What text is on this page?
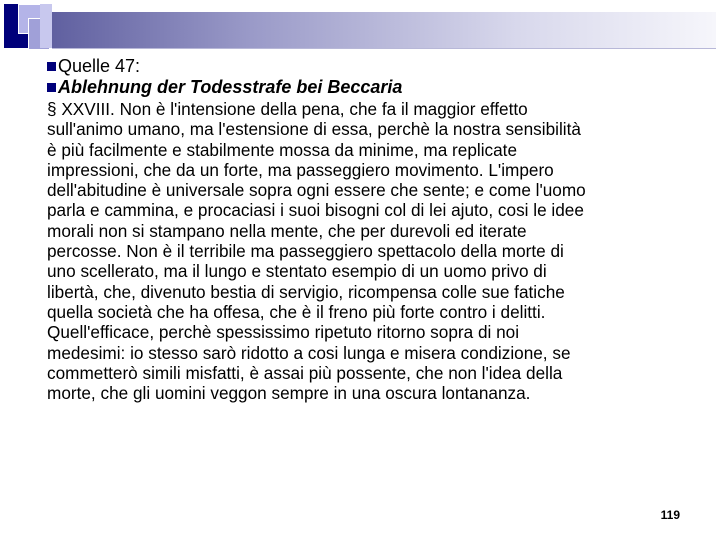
Quelle 47:
Ablehnung der Todesstrafe bei Beccaria
§ XXVIII. Non è l'intensione della pena, che fa il maggior effetto
sull'animo umano, ma l'estensione di essa, perchè la nostra sensibilità
è più facilmente e stabilmente mossa da minime, ma replicate
impressioni, che da un forte, ma passeggiero movimento. L'impero
dell'abitudine è universale sopra ogni essere che sente; e come l'uomo
parla e cammina, e procaciasi i suoi bisogni col di lei ajuto, cosi le idee
morali non si stampano nella mente, che per durevoli ed iterate
percosse. Non è il terribile ma passeggiero spettacolo della morte di
uno scellerato, ma il lungo e stentato esempio di un uomo privo di
libertà, che, divenuto bestia di servigio, ricompensa colle sue fatiche
quella società che ha offesa, che è il freno più forte contro i delitti.
Quell'efficace, perchè spessissimo ripetuto ritorno sopra di noi
medesimi: io stesso sarò ridotto a cosi lunga e misera condizione, se
commetterò simili misfatti, è assai più possente, che non l'idea della
morte, che gli uomini veggon sempre in una oscura lontananza.
119
